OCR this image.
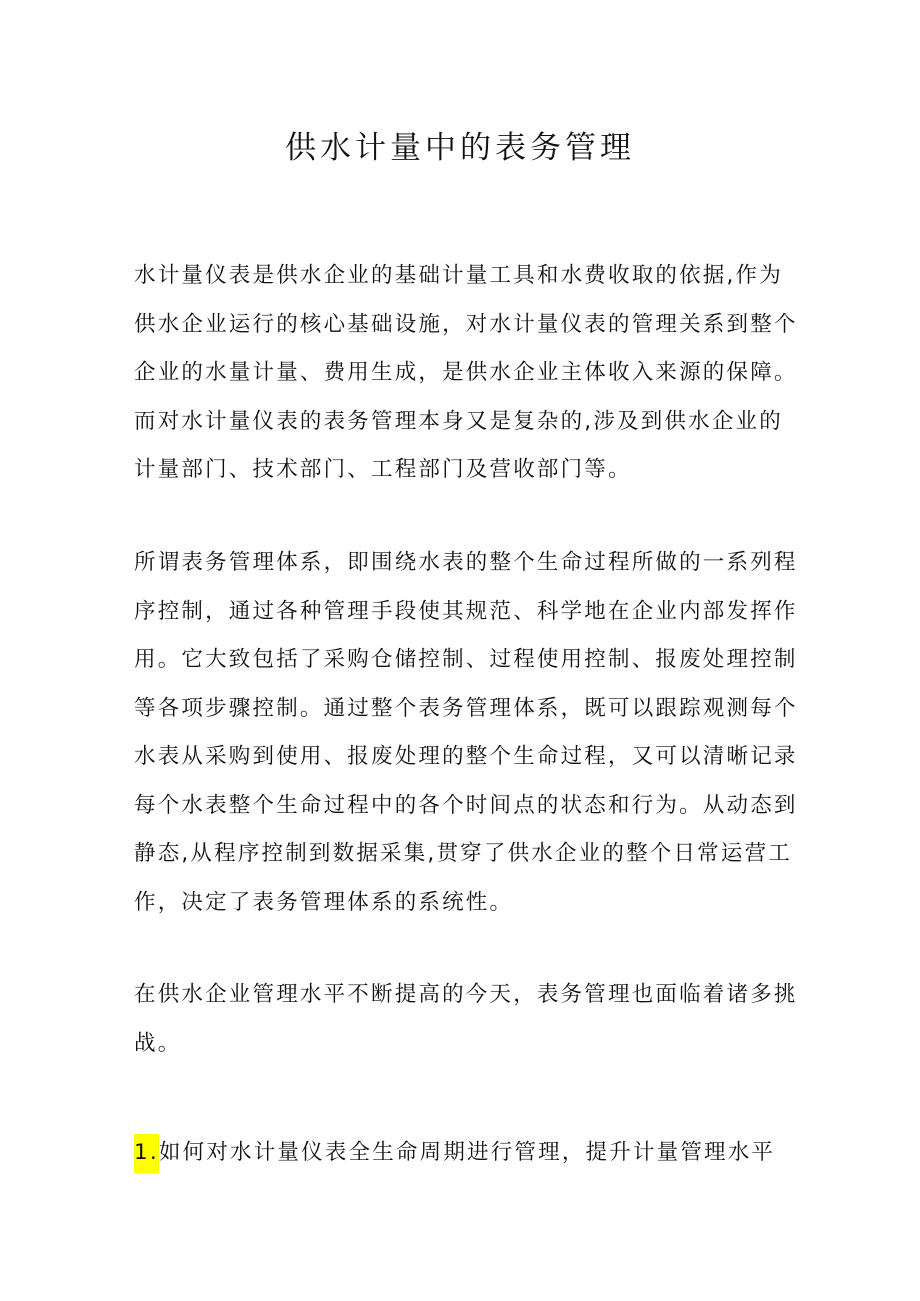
供水计量中的表务管理
水计量仪表是供水企业的基础计量工具和水费收取的依据,作为
供水企业运行的核心基础设施，对水计量仪表的管理关系到整个
企业的水量计量、费用生成，是供水企业主体收入来源的保障。
而对水计量仪表的表务管理本身又是复杂的,涉及到供水企业的
计量部门、技术部门、工程部门及营收部门等。
所谓表务管理体系，即围绕水表的整个生命过程所做的一系列程
序控制，通过各种管理手段使其规范、科学地在企业内部发挥作
用。它大致包括了采购仓储控制、过程使用控制、报废处理控制
等各项步骤控制。通过整个表务管理体系，既可以跟踪观测每个
水表从采购到使用、报废处理的整个生命过程，又可以清晰记录
每个水表整个生命过程中的各个时间点的状态和行为。从动态到
静态,从程序控制到数据采集,贯穿了供水企业的整个日常运营工
作，决定了表务管理体系的系统性。
在供水企业管理水平不断提高的今天，表务管理也面临着诸多挑
战。
1.如何对水计量仪表全生命周期进行管理，提升计量管理水平
